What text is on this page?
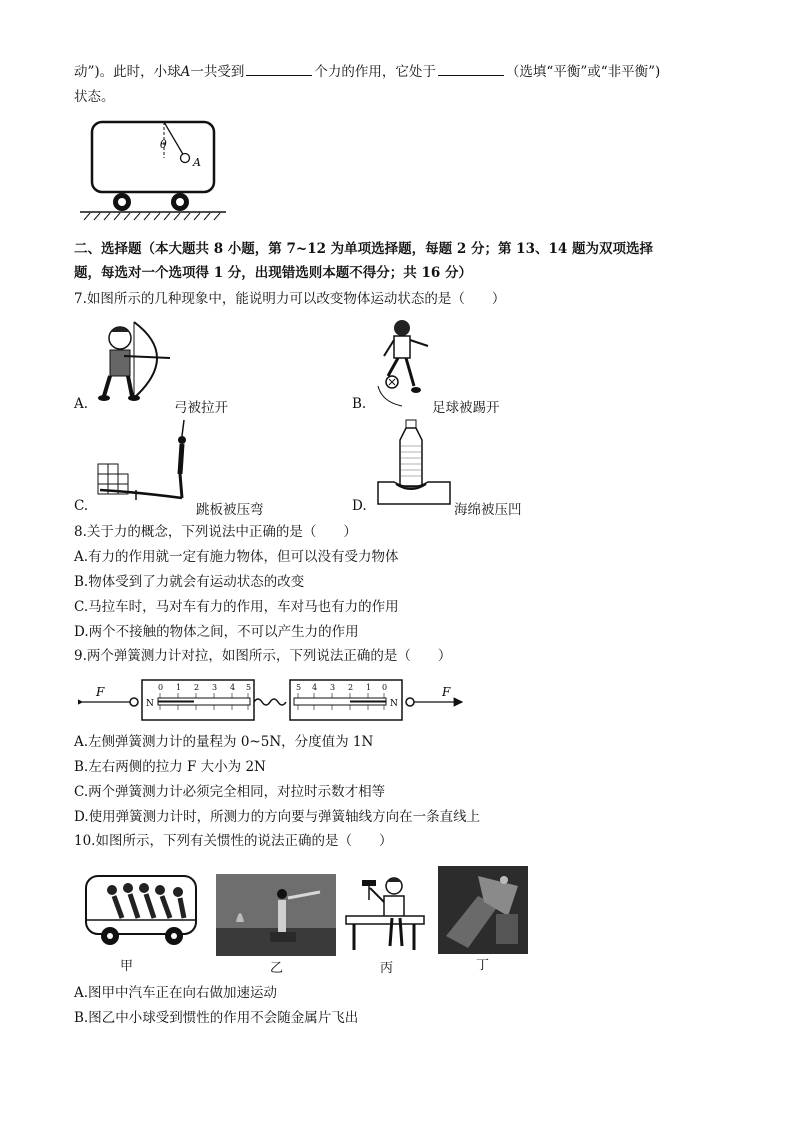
动”)。此时，小球A一共受到	个力的作用，它处于	（选填“平衡”或“非平衡”)
状态。
θ
A
二、选择题（本大题共 8 小题，第 7~12 为单项选择题，每题 2 分；第 13、14 题为双项选择
题，每选对一个选项得 1 分，出现错选则本题不得分；共 16 分）
7.如图所示的几种现象中，能说明力可以改变物体运动状态的是（　　）
A.	弓被拉开	B.	足球被踢开
C.	跳板被压弯	D.	海绵被压凹
8.关于力的概念，下列说法中正确的是（　　）
A.有力的作用就一定有施力物体，但可以没有受力物体
B.物体受到了力就会有运动状态的改变
C.马拉车时，马对车有力的作用，车对马也有力的作用
D.两个不接触的物体之间，不可以产生力的作用
9.两个弹簧测力计对拉，如图所示，下列说法正确的是（　　）
F
N
0 1 2 3 4 5
N
5 4 3 2 1 0	F
A.左侧弹簧测力计的量程为 0~5N，分度值为 1N
B.左右两侧的拉力 F 大小为 2N
C.两个弹簧测力计必须完全相同，对拉时示数才相等
D.使用弹簧测力计时，所测力的方向要与弹簧轴线方向在一条直线上
10.如图所示，下列有关惯性的说法正确的是（　　）
甲	乙	丙	丁
A.图甲中汽车正在向右做加速运动
B.图乙中小球受到惯性的作用不会随金属片飞出
